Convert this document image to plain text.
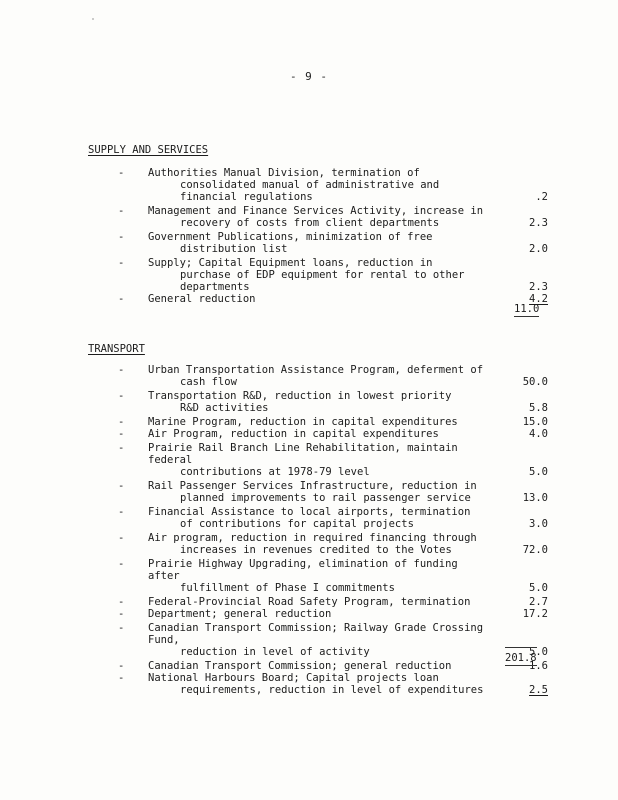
- 9 -
SUPPLY AND SERVICES
- Authorities Manual Division, termination of

consolidated manual of administrative and
financial regulations	.2
- Management and Finance Services Activity, increase in

recovery of costs from client departments	2.3
- Government Publications, minimization of free

distribution list	2.0
- Supply; Capital Equipment loans, reduction in

purchase of EDP equipment for rental to other
departments	2.3
- General reduction	4.2
11.0
TRANSPORT
- Urban Transportation Assistance Program, deferment of

cash flow	50.0
- Transportation R&D, reduction in lowest priority

R&D activities	5.8
- Marine Program, reduction in capital expenditures	15.0
- Air Program, reduction in capital expenditures	4.0
- Prairie Rail Branch Line Rehabilitation, maintain federal

contributions at 1978-79 level	5.0
- Rail Passenger Services Infrastructure, reduction in

planned improvements to rail passenger service	13.0
- Financial Assistance to local airports, termination

of contributions for capital projects	3.0
- Air program, reduction in required financing through

increases in revenues credited to the Votes	72.0
- Prairie Highway Upgrading, elimination of funding after

fulfillment of Phase I commitments	5.0
- Federal-Provincial Road Safety Program, termination	2.7
- Department; general reduction	17.2
- Canadian Transport Commission; Railway Grade Crossing Fund,

reduction in level of activity	5.0
- Canadian Transport Commission; general reduction	1.6
- National Harbours Board; Capital projects loan

requirements, reduction in level of expenditures	2.5
201.8
